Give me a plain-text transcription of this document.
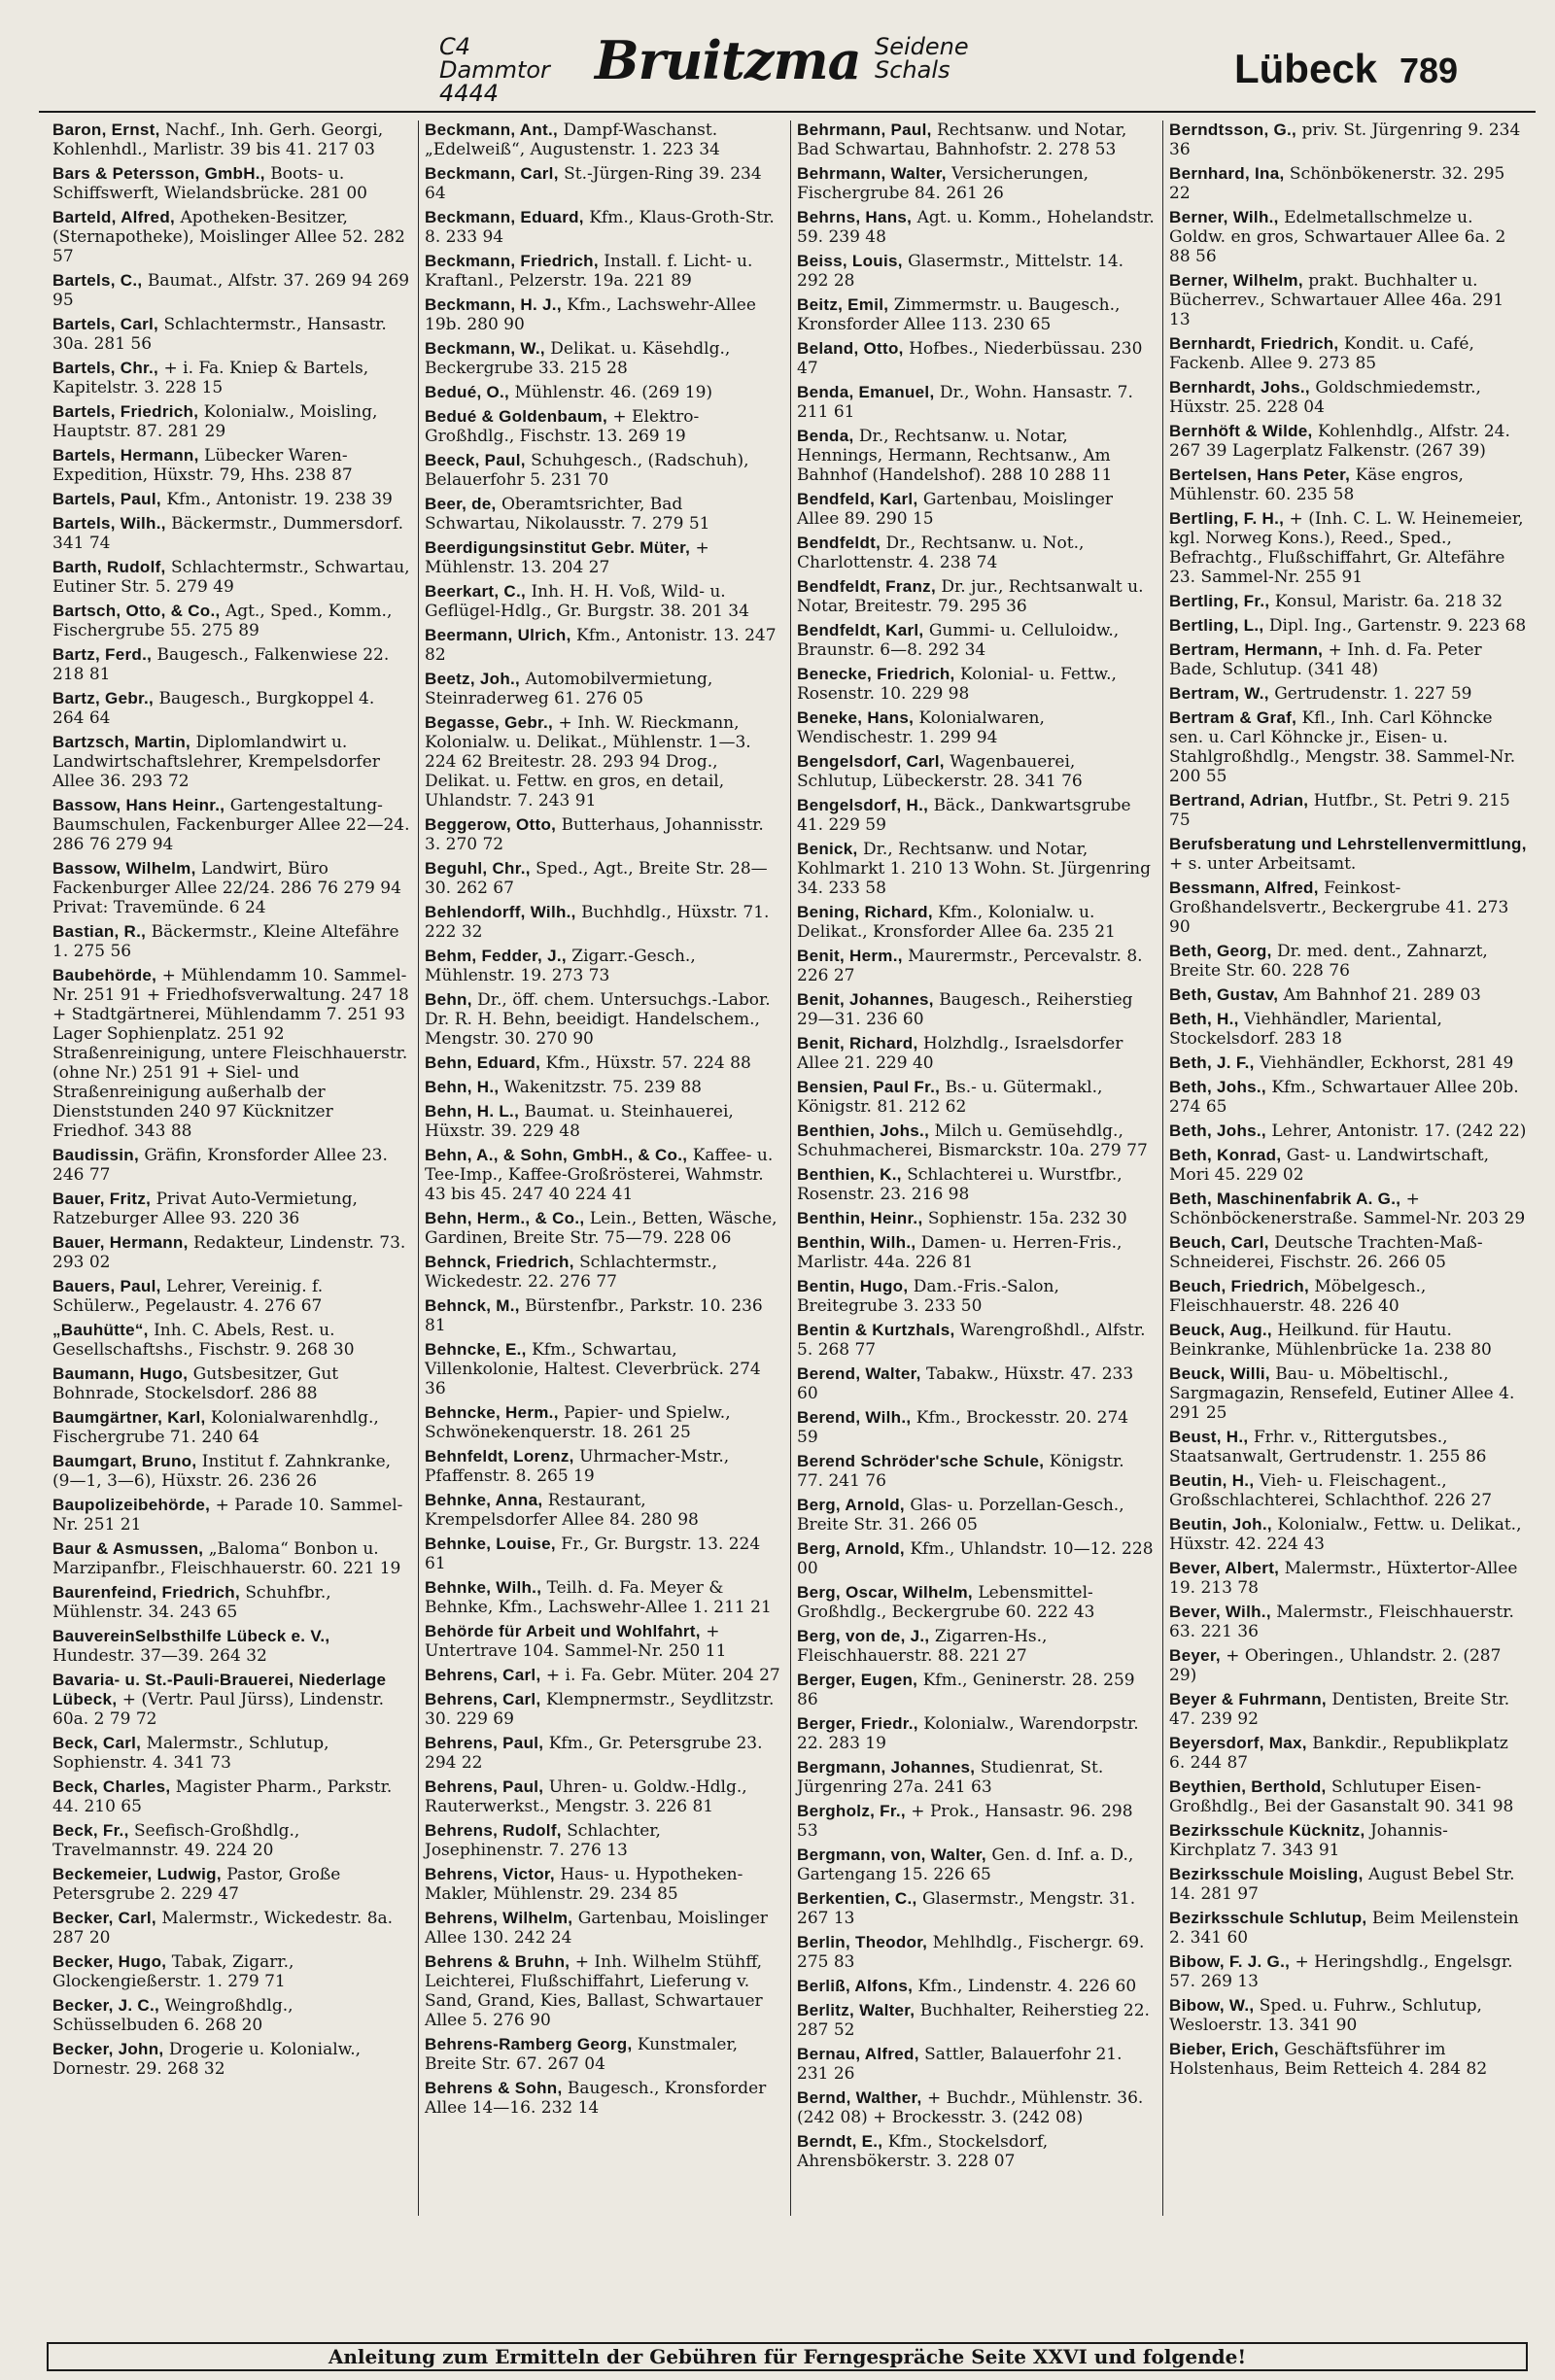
C4 Dammtor
4444
Bruitzma Seidene
Schals	Lübeck 789
Baron, Ernst, Nachf., Inh. Gerh. Georgi, Kohlenhdl., Marlistr. 39 bis 41. 217 03
Bars & Petersson, GmbH., Boots- u. Schiffswerft, Wielandsbrücke. 281 00
Barteld, Alfred, Apotheken-Besitzer, (Sternapotheke), Moislinger Allee 52. 282 57
Bartels, C., Baumat., Alfstr. 37. 269 94 269 95
Bartels, Carl, Schlachtermstr., Hansastr. 30a. 281 56
Bartels, Chr., + i. Fa. Kniep & Bartels, Kapitelstr. 3. 228 15
Bartels, Friedrich, Kolonialw., Moisling, Hauptstr. 87. 281 29
Bartels, Hermann, Lübecker Waren-Expedition, Hüxstr. 79, Hhs. 238 87
Bartels, Paul, Kfm., Antonistr. 19. 238 39
Bartels, Wilh., Bäckermstr., Dummersdorf. 341 74
Barth, Rudolf, Schlachtermstr., Schwartau, Eutiner Str. 5. 279 49
Bartsch, Otto, & Co., Agt., Sped., Komm., Fischergrube 55. 275 89
Bartz, Ferd., Baugesch., Falkenwiese 22. 218 81
Bartz, Gebr., Baugesch., Burgkoppel 4. 264 64
Bartzsch, Martin, Diplomlandwirt u. Landwirtschaftslehrer, Krempelsdorfer Allee 36. 293 72
Bassow, Hans Heinr., Gartengestaltung-Baumschulen, Fackenburger Allee 22—24. 286 76 279 94
Bassow, Wilhelm, Landwirt, Büro Fackenburger Allee 22/24. 286 76 279 94 Privat: Travemünde. 6 24
Bastian, R., Bäckermstr., Kleine Altefähre 1. 275 56
Baubehörde, + Mühlendamm 10. Sammel-Nr. 251 91 + Friedhofsverwaltung. 247 18 + Stadtgärtnerei, Mühlendamm 7. 251 93 Lager Sophienplatz. 251 92 Straßenreinigung, untere Fleischhauerstr. (ohne Nr.) 251 91 + Siel- und Straßenreinigung außerhalb der Dienststunden 240 97 Kücknitzer Friedhof. 343 88
Baudissin, Gräfin, Kronsforder Allee 23. 246 77
Bauer, Fritz, Privat Auto-Vermietung, Ratzeburger Allee 93. 220 36
Bauer, Hermann, Redakteur, Lindenstr. 73. 293 02
Bauers, Paul, Lehrer, Vereinig. f. Schülerw., Pegelaustr. 4. 276 67
„Bauhütte“, Inh. C. Abels, Rest. u. Gesellschaftshs., Fischstr. 9. 268 30
Baumann, Hugo, Gutsbesitzer, Gut Bohnrade, Stockelsdorf. 286 88
Baumgärtner, Karl, Kolonialwarenhdlg., Fischergrube 71. 240 64
Baumgart, Bruno, Institut f. Zahnkranke, (9—1, 3—6), Hüxstr. 26. 236 26
Baupolizeibehörde, + Parade 10. Sammel-Nr. 251 21
Baur & Asmussen, „Baloma“ Bonbon u. Marzipanfbr., Fleischhauerstr. 60. 221 19
Baurenfeind, Friedrich, Schuhfbr., Mühlenstr. 34. 243 65
BauvereinSelbsthilfe Lübeck e. V., Hundestr. 37—39. 264 32
Bavaria- u. St.-Pauli-Brauerei, Niederlage Lübeck, + (Vertr. Paul Jürss), Lindenstr. 60a. 2 79 72
Beck, Carl, Malermstr., Schlutup, Sophienstr. 4. 341 73
Beck, Charles, Magister Pharm., Parkstr. 44. 210 65
Beck, Fr., Seefisch-Großhdlg., Travelmannstr. 49. 224 20
Beckemeier, Ludwig, Pastor, Große Petersgrube 2. 229 47
Becker, Carl, Malermstr., Wickedestr. 8a. 287 20
Becker, Hugo, Tabak, Zigarr., Glockengießerstr. 1. 279 71
Becker, J. C., Weingroßhdlg., Schüsselbuden 6. 268 20
Becker, John, Drogerie u. Kolonialw., Dornestr. 29. 268 32
Beckmann, Ant., Dampf-Waschanst. „Edelweiß“, Augustenstr. 1. 223 34
Beckmann, Carl, St.-Jürgen-Ring 39. 234 64
Beckmann, Eduard, Kfm., Klaus-Groth-Str. 8. 233 94
Beckmann, Friedrich, Install. f. Licht- u. Kraftanl., Pelzerstr. 19a. 221 89
Beckmann, H. J., Kfm., Lachswehr-Allee 19b. 280 90
Beckmann, W., Delikat. u. Käsehdlg., Beckergrube 33. 215 28
Bedué, O., Mühlenstr. 46. (269 19)
Bedué & Goldenbaum, + Elektro-Großhdlg., Fischstr. 13. 269 19
Beeck, Paul, Schuhgesch., (Radschuh), Belauerfohr 5. 231 70
Beer, de, Oberamtsrichter, Bad Schwartau, Nikolausstr. 7. 279 51
Beerdigungsinstitut Gebr. Müter, + Mühlenstr. 13. 204 27
Beerkart, C., Inh. H. H. Voß, Wild- u. Geflügel-Hdlg., Gr. Burgstr. 38. 201 34
Beermann, Ulrich, Kfm., Antonistr. 13. 247 82
Beetz, Joh., Automobilvermietung, Steinraderweg 61. 276 05
Begasse, Gebr., + Inh. W. Rieckmann, Kolonialw. u. Delikat., Mühlenstr. 1—3. 224 62 Breitestr. 28. 293 94 Drog., Delikat. u. Fettw. en gros, en detail, Uhlandstr. 7. 243 91
Beggerow, Otto, Butterhaus, Johannisstr. 3. 270 72
Beguhl, Chr., Sped., Agt., Breite Str. 28—30. 262 67
Behlendorff, Wilh., Buchhdlg., Hüxstr. 71. 222 32
Behm, Fedder, J., Zigarr.-Gesch., Mühlenstr. 19. 273 73
Behn, Dr., öff. chem. Untersuchgs.-Labor. Dr. R. H. Behn, beeidigt. Handelschem., Mengstr. 30. 270 90
Behn, Eduard, Kfm., Hüxstr. 57. 224 88
Behn, H., Wakenitzstr. 75. 239 88
Behn, H. L., Baumat. u. Steinhauerei, Hüxstr. 39. 229 48
Behn, A., & Sohn, GmbH., & Co., Kaffee- u. Tee-Imp., Kaffee-Großrösterei, Wahmstr. 43 bis 45. 247 40 224 41
Behn, Herm., & Co., Lein., Betten, Wäsche, Gardinen, Breite Str. 75—79. 228 06
Behnck, Friedrich, Schlachtermstr., Wickedestr. 22. 276 77
Behnck, M., Bürstenfbr., Parkstr. 10. 236 81
Behncke, E., Kfm., Schwartau, Villenkolonie, Haltest. Cleverbrück. 274 36
Behncke, Herm., Papier- und Spielw., Schwönekenquerstr. 18. 261 25
Behnfeldt, Lorenz, Uhrmacher-Mstr., Pfaffenstr. 8. 265 19
Behnke, Anna, Restaurant, Krempelsdorfer Allee 84. 280 98
Behnke, Louise, Fr., Gr. Burgstr. 13. 224 61
Behnke, Wilh., Teilh. d. Fa. Meyer & Behnke, Kfm., Lachswehr-Allee 1. 211 21
Behörde für Arbeit und Wohlfahrt, + Untertrave 104. Sammel-Nr. 250 11
Behrens, Carl, + i. Fa. Gebr. Müter. 204 27
Behrens, Carl, Klempnermstr., Seydlitzstr. 30. 229 69
Behrens, Paul, Kfm., Gr. Petersgrube 23. 294 22
Behrens, Paul, Uhren- u. Goldw.-Hdlg., Rauterwerkst., Mengstr. 3. 226 81
Behrens, Rudolf, Schlachter, Josephinenstr. 7. 276 13
Behrens, Victor, Haus- u. Hypotheken-Makler, Mühlenstr. 29. 234 85
Behrens, Wilhelm, Gartenbau, Moislinger Allee 130. 242 24
Behrens & Bruhn, + Inh. Wilhelm Stühff, Leichterei, Flußschiffahrt, Lieferung v. Sand, Grand, Kies, Ballast, Schwartauer Allee 5. 276 90
Behrens-Ramberg Georg, Kunstmaler, Breite Str. 67. 267 04
Behrens & Sohn, Baugesch., Kronsforder Allee 14—16. 232 14
Behrmann, Paul, Rechtsanw. und Notar, Bad Schwartau, Bahnhofstr. 2. 278 53
Behrmann, Walter, Versicherungen, Fischergrube 84. 261 26
Behrns, Hans, Agt. u. Komm., Hohelandstr. 59. 239 48
Beiss, Louis, Glasermstr., Mittelstr. 14. 292 28
Beitz, Emil, Zimmermstr. u. Baugesch., Kronsforder Allee 113. 230 65
Beland, Otto, Hofbes., Niederbüssau. 230 47
Benda, Emanuel, Dr., Wohn. Hansastr. 7. 211 61
Benda, Dr., Rechtsanw. u. Notar, Hennings, Hermann, Rechtsanw., Am Bahnhof (Handelshof). 288 10 288 11
Bendfeld, Karl, Gartenbau, Moislinger Allee 89. 290 15
Bendfeldt, Dr., Rechtsanw. u. Not., Charlottenstr. 4. 238 74
Bendfeldt, Franz, Dr. jur., Rechtsanwalt u. Notar, Breitestr. 79. 295 36
Bendfeldt, Karl, Gummi- u. Celluloidw., Braunstr. 6—8. 292 34
Benecke, Friedrich, Kolonial- u. Fettw., Rosenstr. 10. 229 98
Beneke, Hans, Kolonialwaren, Wendischestr. 1. 299 94
Bengelsdorf, Carl, Wagenbauerei, Schlutup, Lübeckerstr. 28. 341 76
Bengelsdorf, H., Bäck., Dankwartsgrube 41. 229 59
Benick, Dr., Rechtsanw. und Notar, Kohlmarkt 1. 210 13 Wohn. St. Jürgenring 34. 233 58
Bening, Richard, Kfm., Kolonialw. u. Delikat., Kronsforder Allee 6a. 235 21
Benit, Herm., Maurermstr., Percevalstr. 8. 226 27
Benit, Johannes, Baugesch., Reiherstieg 29—31. 236 60
Benit, Richard, Holzhdlg., Israelsdorfer Allee 21. 229 40
Bensien, Paul Fr., Bs.- u. Gütermakl., Königstr. 81. 212 62
Benthien, Johs., Milch u. Gemüsehdlg., Schuhmacherei, Bismarckstr. 10a. 279 77
Benthien, K., Schlachterei u. Wurstfbr., Rosenstr. 23. 216 98
Benthin, Heinr., Sophienstr. 15a. 232 30
Benthin, Wilh., Damen- u. Herren-Fris., Marlistr. 44a. 226 81
Bentin, Hugo, Dam.-Fris.-Salon, Breitegrube 3. 233 50
Bentin & Kurtzhals, Warengroßhdl., Alfstr. 5. 268 77
Berend, Walter, Tabakw., Hüxstr. 47. 233 60
Berend, Wilh., Kfm., Brockesstr. 20. 274 59
Berend Schröder'sche Schule, Königstr. 77. 241 76
Berg, Arnold, Glas- u. Porzellan-Gesch., Breite Str. 31. 266 05
Berg, Arnold, Kfm., Uhlandstr. 10—12. 228 00
Berg, Oscar, Wilhelm, Lebensmittel-Großhdlg., Beckergrube 60. 222 43
Berg, von de, J., Zigarren-Hs., Fleischhauerstr. 88. 221 27
Berger, Eugen, Kfm., Geninerstr. 28. 259 86
Berger, Friedr., Kolonialw., Warendorpstr. 22. 283 19
Bergmann, Johannes, Studienrat, St. Jürgenring 27a. 241 63
Bergholz, Fr., + Prok., Hansastr. 96. 298 53
Bergmann, von, Walter, Gen. d. Inf. a. D., Gartengang 15. 226 65
Berkentien, C., Glasermstr., Mengstr. 31. 267 13
Berlin, Theodor, Mehlhdlg., Fischergr. 69. 275 83
Berliß, Alfons, Kfm., Lindenstr. 4. 226 60
Berlitz, Walter, Buchhalter, Reiherstieg 22. 287 52
Bernau, Alfred, Sattler, Balauerfohr 21. 231 26
Bernd, Walther, + Buchdr., Mühlenstr. 36. (242 08) + Brockesstr. 3. (242 08)
Berndt, E., Kfm., Stockelsdorf, Ahrensbökerstr. 3. 228 07
Berndtsson, G., priv. St. Jürgenring 9. 234 36
Bernhard, Ina, Schönbökenerstr. 32. 295 22
Berner, Wilh., Edelmetallschmelze u. Goldw. en gros, Schwartauer Allee 6a. 2 88 56
Berner, Wilhelm, prakt. Buchhalter u. Bücherrev., Schwartauer Allee 46a. 291 13
Bernhardt, Friedrich, Kondit. u. Café, Fackenb. Allee 9. 273 85
Bernhardt, Johs., Goldschmiedemstr., Hüxstr. 25. 228 04
Bernhöft & Wilde, Kohlenhdlg., Alfstr. 24. 267 39 Lagerplatz Falkenstr. (267 39)
Bertelsen, Hans Peter, Käse engros, Mühlenstr. 60. 235 58
Bertling, F. H., + (Inh. C. L. W. Heinemeier, kgl. Norweg Kons.), Reed., Sped., Befrachtg., Flußschiffahrt, Gr. Altefähre 23. Sammel-Nr. 255 91
Bertling, Fr., Konsul, Maristr. 6a. 218 32
Bertling, L., Dipl. Ing., Gartenstr. 9. 223 68
Bertram, Hermann, + Inh. d. Fa. Peter Bade, Schlutup. (341 48)
Bertram, W., Gertrudenstr. 1. 227 59
Bertram & Graf, Kfl., Inh. Carl Köhncke sen. u. Carl Köhncke jr., Eisen- u. Stahlgroßhdlg., Mengstr. 38. Sammel-Nr. 200 55
Bertrand, Adrian, Hutfbr., St. Petri 9. 215 75
Berufsberatung und Lehrstellenvermittlung, + s. unter Arbeitsamt.
Bessmann, Alfred, Feinkost-Großhandelsvertr., Beckergrube 41. 273 90
Beth, Georg, Dr. med. dent., Zahnarzt, Breite Str. 60. 228 76
Beth, Gustav, Am Bahnhof 21. 289 03
Beth, H., Viehhändler, Mariental, Stockelsdorf. 283 18
Beth, J. F., Viehhändler, Eckhorst, 281 49
Beth, Johs., Kfm., Schwartauer Allee 20b. 274 65
Beth, Johs., Lehrer, Antonistr. 17. (242 22)
Beth, Konrad, Gast- u. Landwirtschaft, Mori 45. 229 02
Beth, Maschinenfabrik A. G., + Schönböckenerstraße. Sammel-Nr. 203 29
Beuch, Carl, Deutsche Trachten-Maß-Schneiderei, Fischstr. 26. 266 05
Beuch, Friedrich, Möbelgesch., Fleischhauerstr. 48. 226 40
Beuck, Aug., Heilkund. für Hautu. Beinkranke, Mühlenbrücke 1a. 238 80
Beuck, Willi, Bau- u. Möbeltischl., Sargmagazin, Rensefeld, Eutiner Allee 4. 291 25
Beust, H., Frhr. v., Rittergutsbes., Staatsanwalt, Gertrudenstr. 1. 255 86
Beutin, H., Vieh- u. Fleischagent., Großschlachterei, Schlachthof. 226 27
Beutin, Joh., Kolonialw., Fettw. u. Delikat., Hüxstr. 42. 224 43
Bever, Albert, Malermstr., Hüxtertor-Allee 19. 213 78
Bever, Wilh., Malermstr., Fleischhauerstr. 63. 221 36
Beyer, + Oberingen., Uhlandstr. 2. (287 29)
Beyer & Fuhrmann, Dentisten, Breite Str. 47. 239 92
Beyersdorf, Max, Bankdir., Republikplatz 6. 244 87
Beythien, Berthold, Schlutuper Eisen-Großhdlg., Bei der Gasanstalt 90. 341 98
Bezirksschule Kücknitz, Johannis-Kirchplatz 7. 343 91
Bezirksschule Moisling, August Bebel Str. 14. 281 97
Bezirksschule Schlutup, Beim Meilenstein 2. 341 60
Bibow, F. J. G., + Heringshdlg., Engelsgr. 57. 269 13
Bibow, W., Sped. u. Fuhrw., Schlutup, Wesloerstr. 13. 341 90
Bieber, Erich, Geschäftsführer im Holstenhaus, Beim Retteich 4. 284 82
Anleitung zum Ermitteln der Gebühren für Ferngespräche Seite XXVI und folgende!
